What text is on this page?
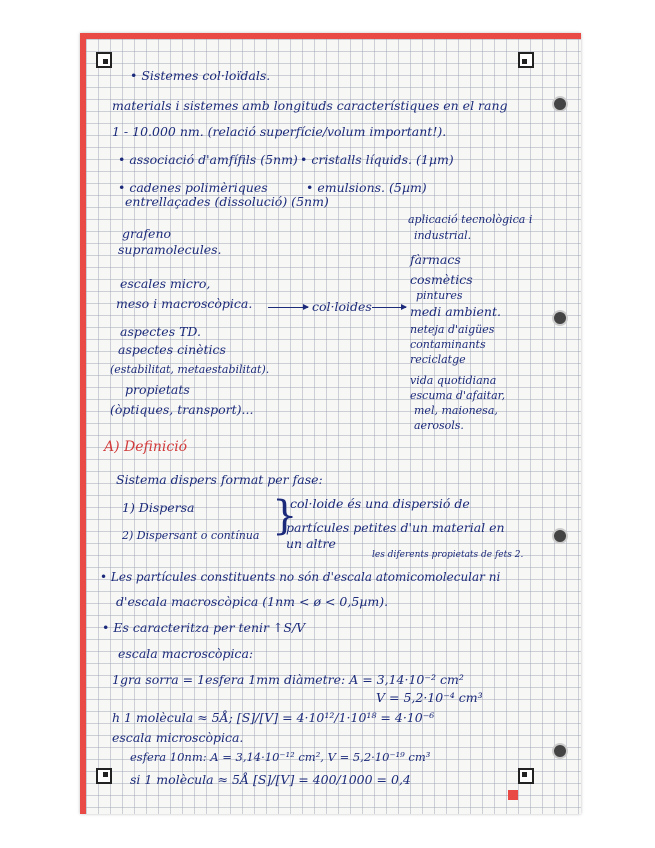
• Sistemes col·loïdals.

materials i sistemes amb longituds característiques en el rang

1 - 10.000 nm. (relació superfície/volum important!).

• associació d'amfífils (5nm) • cristalls líquids. (1µm)

• cadenes polimèriques

entrellaçades (dissolució) (5nm)

• emulsions. (5µm)

grafeno

supramolecules.

escales micro,

meso i macroscòpica.

aspectes TD.

aspectes cinètics

(estabilitat, metaestabilitat).

propietats

(òptiques, transport)...

col·loides

aplicació tecnològica i

industrial.

fàrmacs

cosmètics

pintures

medi ambient.

neteja d'aigües

contaminants

reciclatge

vida quotidiana

escuma d'afaitar,

mel, maionesa,

aerosols.

A) Definició

Sistema dispers format per fase:

1) Dispersa

2) Dispersant o contínua }

col·loide és una dispersió de

partícules petites d'un material en

un altre

les diferents propietats de fets 2.

• Les partícules constituents no són d'escala atomicomolecular ni

d'escala macroscòpica (1nm < ø < 0,5µm).

• Es caracteritza per tenir ↑S/V

escala macroscòpica:

1gra sorra = 1esfera 1mm diàmetre: A = 3,14·10⁻² cm²

V = 5,2·10⁻⁴ cm³

h 1 molècula ≈ 5Å; [S]/[V] = 4·10¹²/1·10¹⁸ = 4·10⁻⁶

escala microscòpica.

esfera 10nm: A = 3,14·10⁻¹² cm², V = 5,2·10⁻¹⁹ cm³

si 1 molècula ≈ 5Å [S]/[V] = 400/1000 = 0,4
